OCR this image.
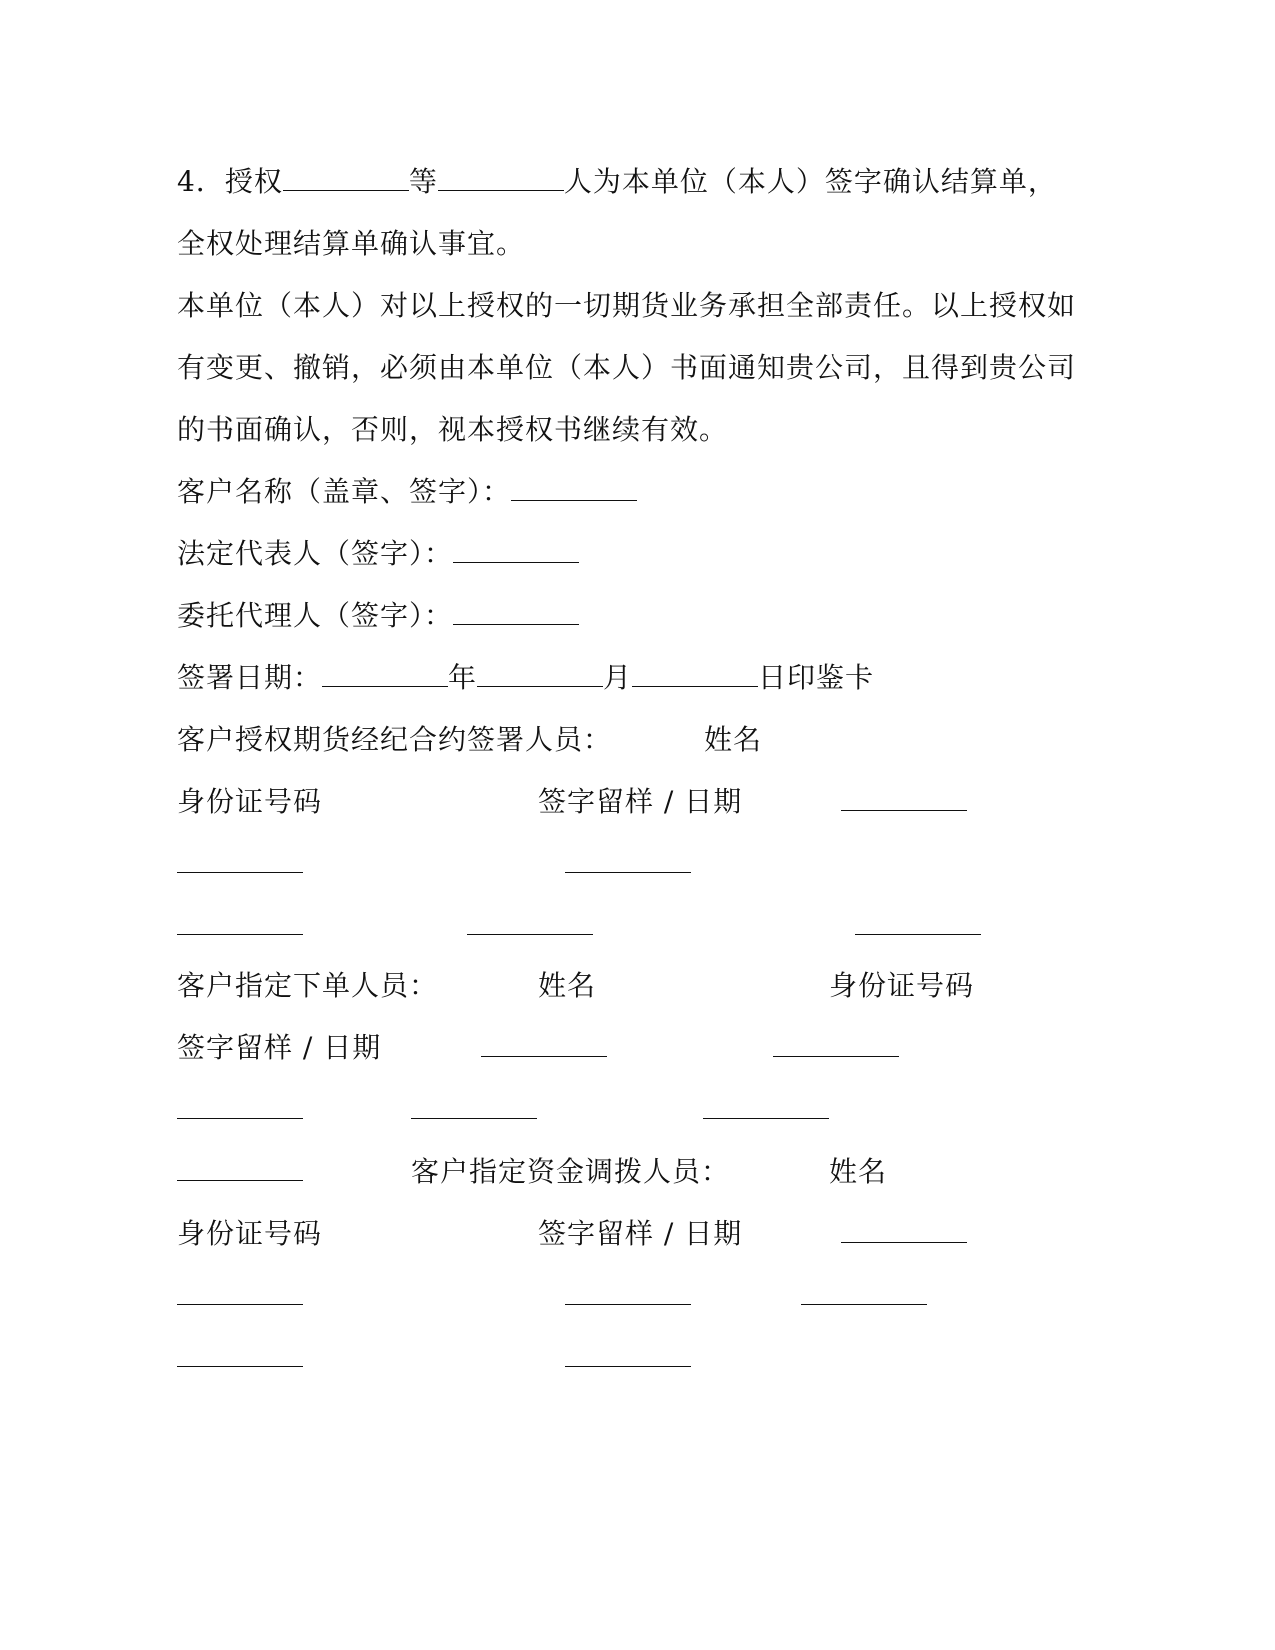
4．授权	等	人为本单位（本人）签字确认结算单，
全权处理结算单确认事宜。
本单位（本人）对以上授权的一切期货业务承担全部责任。以上授权如
有变更、撤销，必须由本单位（本人）书面通知贵公司，且得到贵公司
的书面确认，否则，视本授权书继续有效。
客户名称（盖章、签字）：
法定代表人（签字）：
委托代理人（签字）：
签署日期：	年	月	日印鉴卡
客户授权期货经纪合约签署人员：	姓名
身份证号码	签字留样 / 日期
客户指定下单人员：	姓名	身份证号码
签字留样 / 日期
客户指定资金调拨人员：	姓名
身份证号码	签字留样 / 日期
